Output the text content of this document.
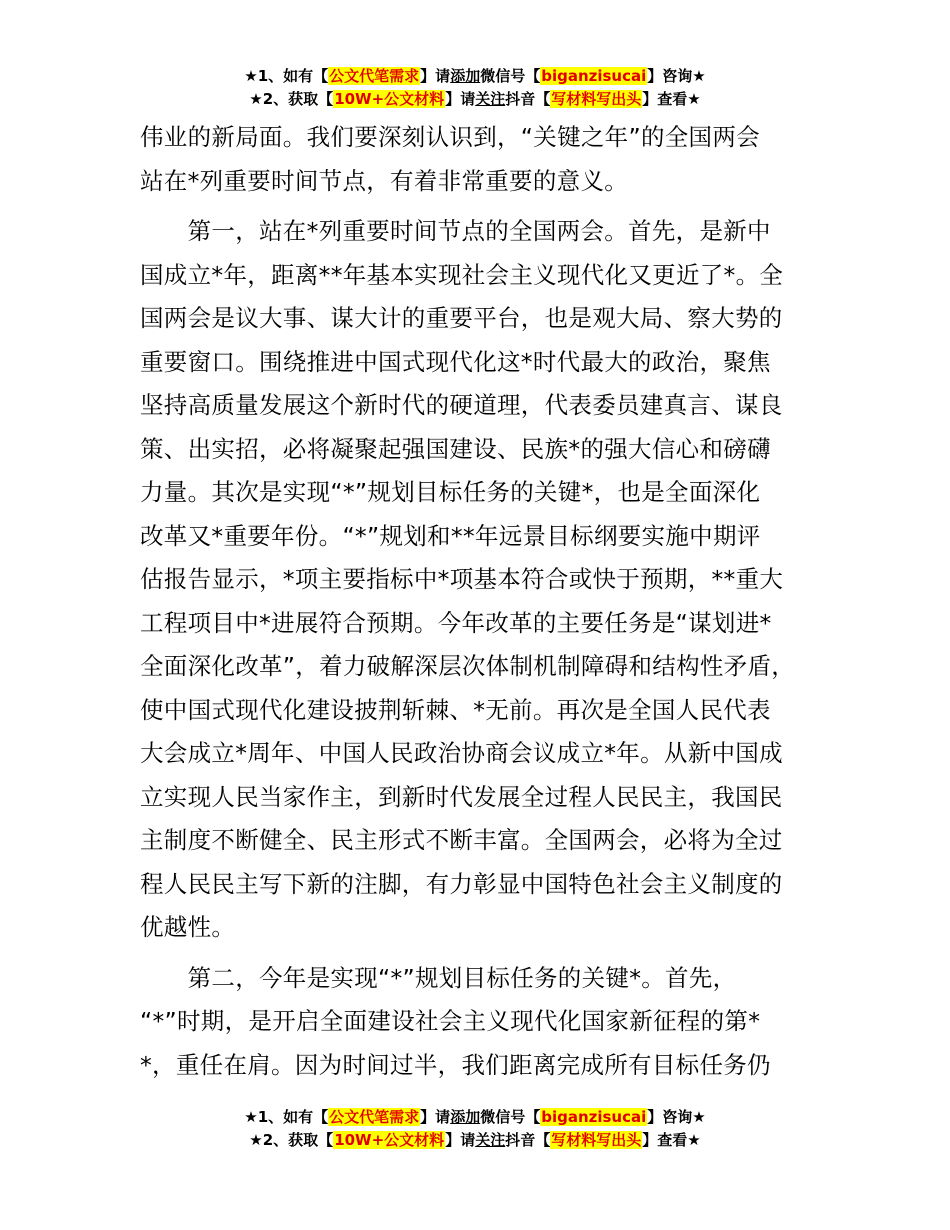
★1、如有【公文代笔需求】请添加微信号【biganzisucai】咨询★
★2、获取【10W+公文材料】请关注抖音【写材料写出头】查看★
伟业的新局面。我们要深刻认识到，“关键之年”的全国两会
站在*列重要时间节点，有着非常重要的意义。
　　第一，站在*列重要时间节点的全国两会。首先，是新中
国成立*年，距离**年基本实现社会主义现代化又更近了*。全
国两会是议大事、谋大计的重要平台，也是观大局、察大势的
重要窗口。围绕推进中国式现代化这*时代最大的政治，聚焦
坚持高质量发展这个新时代的硬道理，代表委员建真言、谋良
策、出实招，必将凝聚起强国建设、民族*的强大信心和磅礴
力量。其次是实现“*”规划目标任务的关键*，也是全面深化
改革又*重要年份。“*”规划和**年远景目标纲要实施中期评
估报告显示，*项主要指标中*项基本符合或快于预期，**重大
工程项目中*进展符合预期。今年改革的主要任务是“谋划进*
全面深化改革”，着力破解深层次体制机制障碍和结构性矛盾，
使中国式现代化建设披荆斩棘、*无前。再次是全国人民代表
大会成立*周年、中国人民政治协商会议成立*年。从新中国成
立实现人民当家作主，到新时代发展全过程人民民主，我国民
主制度不断健全、民主形式不断丰富。全国两会，必将为全过
程人民民主写下新的注脚，有力彰显中国特色社会主义制度的
优越性。
　　第二，今年是实现“*”规划目标任务的关键*。首先，
“*”时期，是开启全面建设社会主义现代化国家新征程的第*
*，重任在肩。因为时间过半，我们距离完成所有目标任务仍
★1、如有【公文代笔需求】请添加微信号【biganzisucai】咨询★
★2、获取【10W+公文材料】请关注抖音【写材料写出头】查看★
